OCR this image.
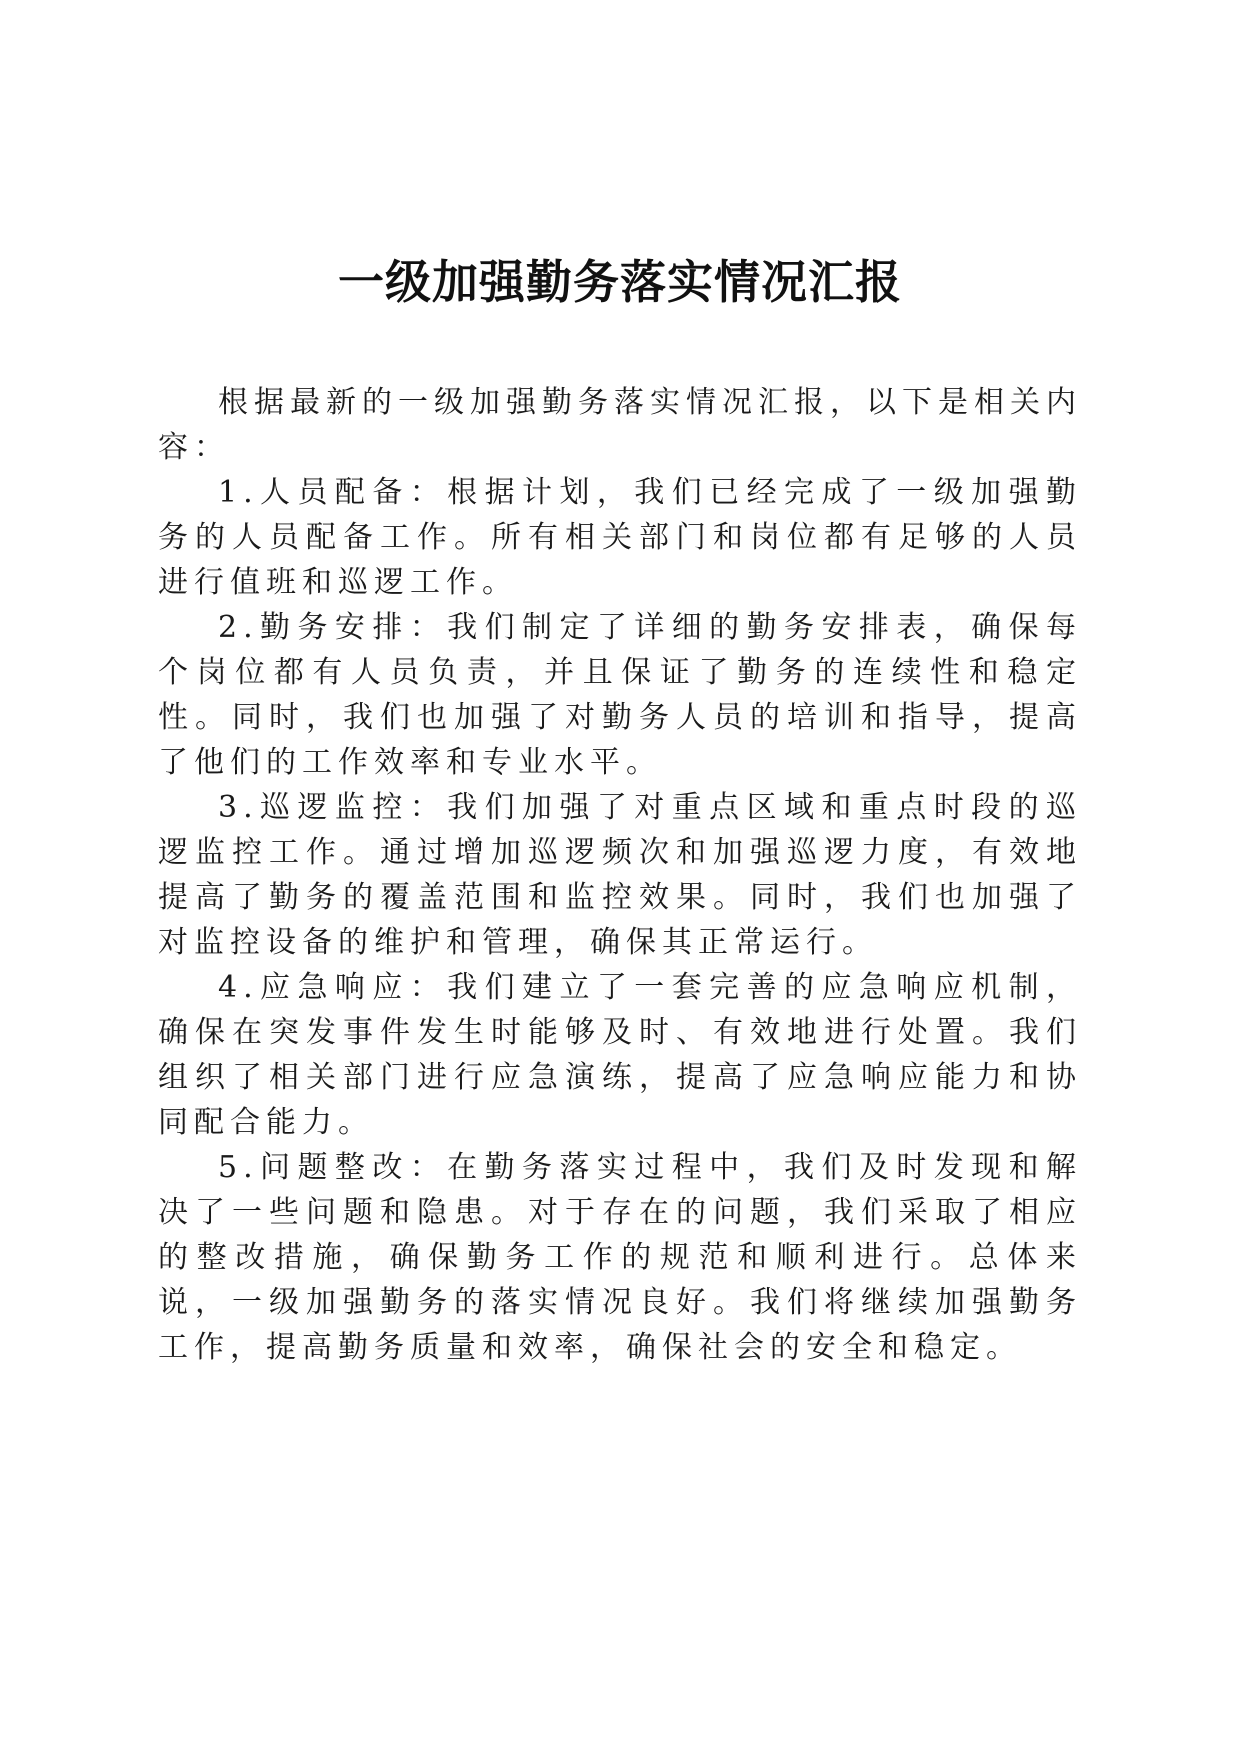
一级加强勤务落实情况汇报

根据最新的一级加强勤务落实情况汇报，以下是相关内容：

1.人员配备：根据计划，我们已经完成了一级加强勤务的人员配备工作。所有相关部门和岗位都有足够的人员进行值班和巡逻工作。

2.勤务安排：我们制定了详细的勤务安排表，确保每个岗位都有人员负责，并且保证了勤务的连续性和稳定性。同时，我们也加强了对勤务人员的培训和指导，提高了他们的工作效率和专业水平。

3.巡逻监控：我们加强了对重点区域和重点时段的巡逻监控工作。通过增加巡逻频次和加强巡逻力度，有效地提高了勤务的覆盖范围和监控效果。同时，我们也加强了对监控设备的维护和管理，确保其正常运行。

4.应急响应：我们建立了一套完善的应急响应机制，确保在突发事件发生时能够及时、有效地进行处置。我们组织了相关部门进行应急演练，提高了应急响应能力和协同配合能力。

5.问题整改：在勤务落实过程中，我们及时发现和解决了一些问题和隐患。对于存在的问题，我们采取了相应的整改措施，确保勤务工作的规范和顺利进行。总体来说，一级加强勤务的落实情况良好。我们将继续加强勤务工作，提高勤务质量和效率，确保社会的安全和稳定。
